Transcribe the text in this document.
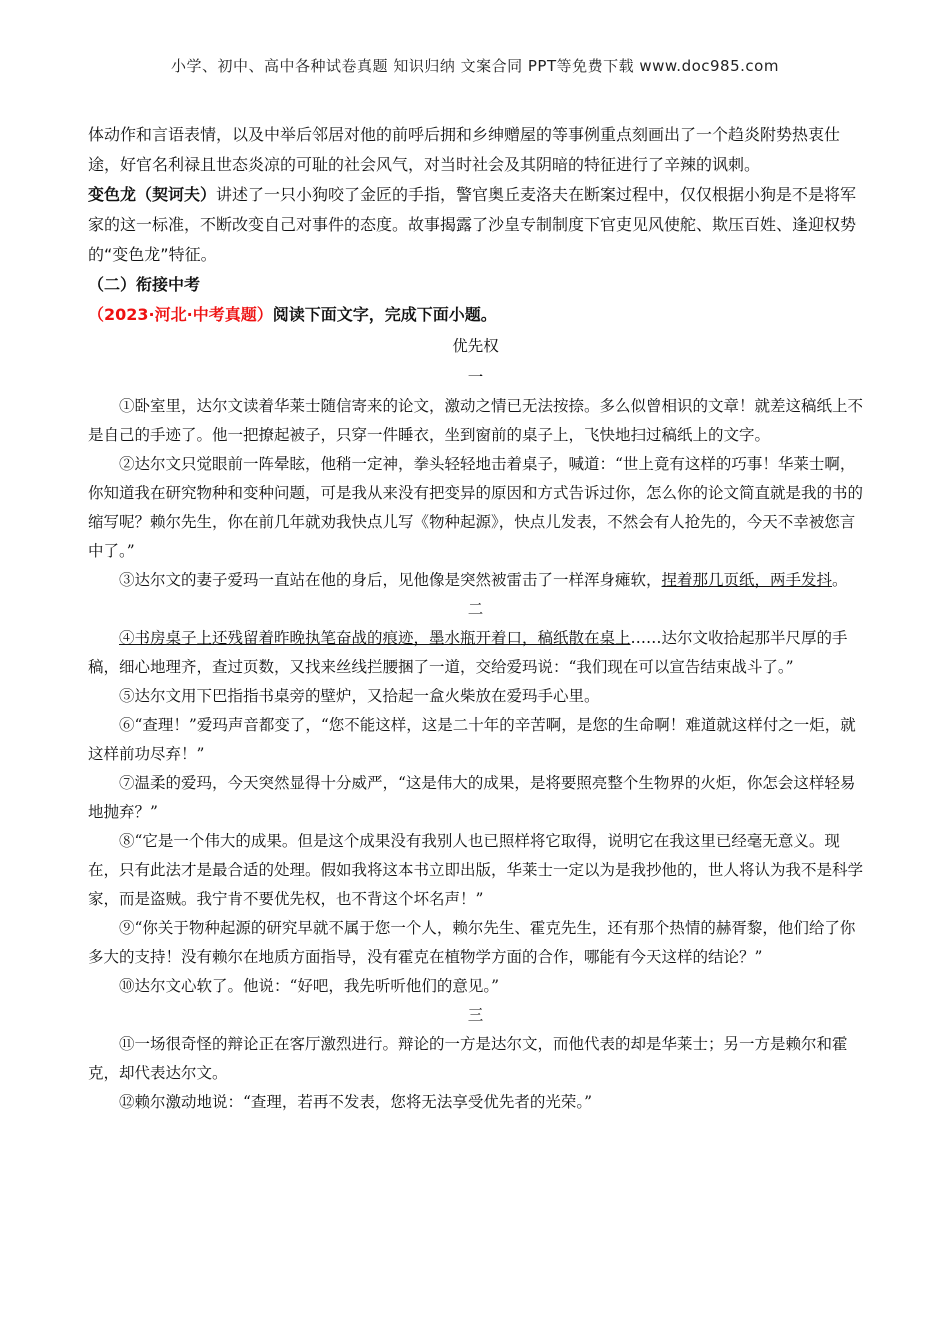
小学、初中、高中各种试卷真题 知识归纳 文案合同 PPT等免费下载 www.doc985.com

体动作和言语表情，以及中举后邻居对他的前呼后拥和乡绅赠屋的等事例重点刻画出了一个趋炎附势热衷仕途，好官名利禄且世态炎凉的可耻的社会风气，对当时社会及其阴暗的特征进行了辛辣的讽刺。

变色龙（契诃夫）讲述了一只小狗咬了金匠的手指，警官奥丘麦洛夫在断案过程中，仅仅根据小狗是不是将军家的这一标准，不断改变自己对事件的态度。故事揭露了沙皇专制制度下官吏见风使舵、欺压百姓、逢迎权势的“变色龙”特征。

（二）衔接中考

（2023·河北·中考真题）阅读下面文字，完成下面小题。

优先权

一

①卧室里，达尔文读着华莱士随信寄来的论文，激动之情已无法按捺。多么似曾相识的文章！就差这稿纸上不是自己的手迹了。他一把撩起被子，只穿一件睡衣，坐到窗前的桌子上，飞快地扫过稿纸上的文字。

②达尔文只觉眼前一阵晕眩，他稍一定神，拳头轻轻地击着桌子，喊道：“世上竟有这样的巧事！华莱士啊，你知道我在研究物种和变种问题，可是我从来没有把变异的原因和方式告诉过你，怎么你的论文简直就是我的书的缩写呢？赖尔先生，你在前几年就劝我快点儿写《物种起源》，快点儿发表，不然会有人抢先的，今天不幸被您言中了。”

③达尔文的妻子爱玛一直站在他的身后，见他像是突然被雷击了一样浑身瘫软，捏着那几页纸，两手发抖。

二

④书房桌子上还残留着昨晚执笔奋战的痕迹，墨水瓶开着口，稿纸散在桌上……达尔文收拾起那半尺厚的手稿，细心地理齐，查过页数，又找来丝线拦腰捆了一道，交给爱玛说：“我们现在可以宣告结束战斗了。”

⑤达尔文用下巴指指书桌旁的壁炉，又拾起一盒火柴放在爱玛手心里。

⑥“查理！”爱玛声音都变了，“您不能这样，这是二十年的辛苦啊，是您的生命啊！难道就这样付之一炬，就这样前功尽弃！”

⑦温柔的爱玛，今天突然显得十分威严，“这是伟大的成果，是将要照亮整个生物界的火炬，你怎会这样轻易地抛弃？”

⑧“它是一个伟大的成果。但是这个成果没有我别人也已照样将它取得，说明它在我这里已经毫无意义。现在，只有此法才是最合适的处理。假如我将这本书立即出版，华莱士一定以为是我抄他的，世人将认为我不是科学家，而是盗贼。我宁肯不要优先权，也不背这个坏名声！”

⑨“你关于物种起源的研究早就不属于您一个人，赖尔先生、霍克先生，还有那个热情的赫胥黎，他们给了你多大的支持！没有赖尔在地质方面指导，没有霍克在植物学方面的合作，哪能有今天这样的结论？”

⑩达尔文心软了。他说：“好吧，我先听听他们的意见。”

三

⑪一场很奇怪的辩论正在客厅激烈进行。辩论的一方是达尔文，而他代表的却是华莱士；另一方是赖尔和霍克，却代表达尔文。

⑫赖尔激动地说：“查理，若再不发表，您将无法享受优先者的光荣。”
